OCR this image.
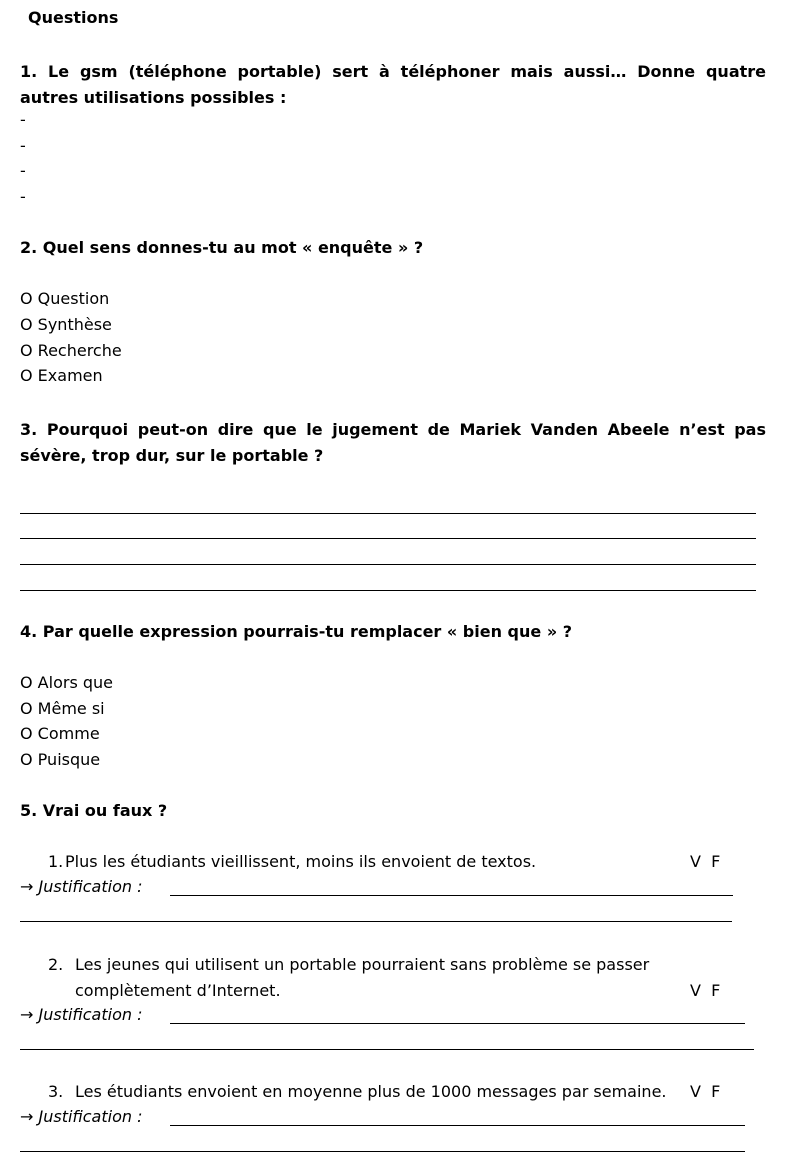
Questions
1. Le gsm (téléphone portable) sert à téléphoner mais aussi… Donne quatre autres utilisations possibles :
-
-
-
-
2. Quel sens donnes-tu au mot « enquête » ?
O Question
O Synthèse
O Recherche
O Examen
3. Pourquoi peut-on dire que le jugement de Mariek Vanden Abeele n’est pas sévère, trop dur, sur le portable ?
4. Par quelle expression pourrais-tu remplacer « bien que » ?
O Alors que
O Même si
O Comme
O Puisque
5. Vrai ou faux ?
1. Plus les étudiants vieillissent, moins ils envoient de textos.	V  F
→ Justification :
2. Les jeunes qui utilisent un portable pourraient sans problème se passer
complètement d’Internet.	V  F
→ Justification :
3. Les étudiants envoient en moyenne plus de 1000 messages par semaine. V  F
→ Justification :
